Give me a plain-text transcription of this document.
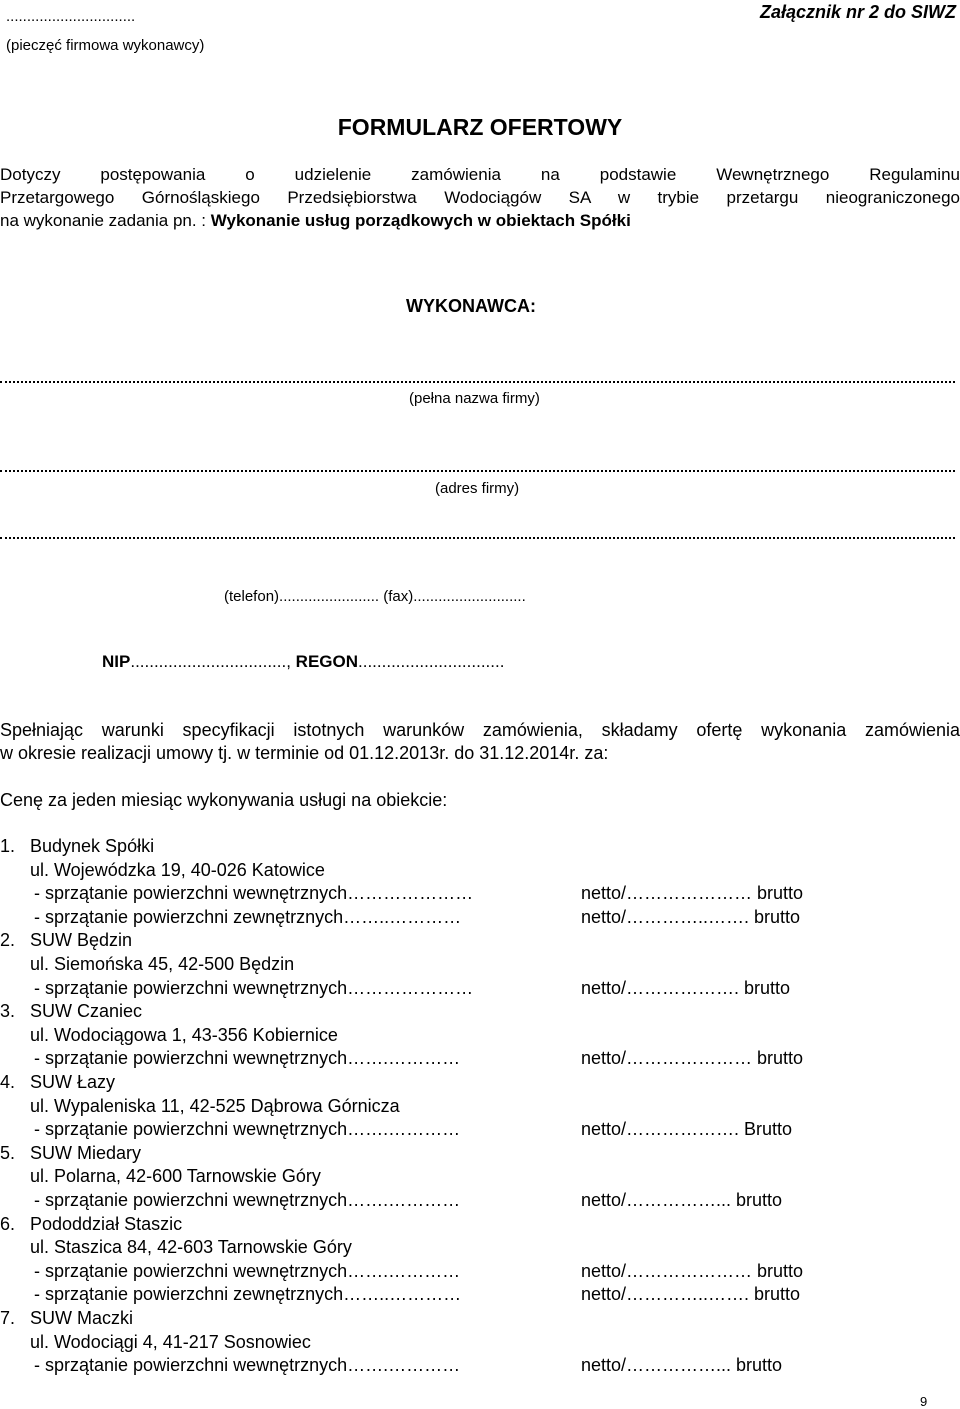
...............................
(pieczęć firmowa wykonawcy)
Załącznik nr 2 do SIWZ
FORMULARZ OFERTOWY
Dotyczy postępowania o udzielenie zamówienia na podstawie Wewnętrznego Regulaminu
Przetargowego Górnośląskiego Przedsiębiorstwa Wodociągów SA w trybie przetargu nieograniczonego
na wykonanie zadania pn. : Wykonanie usług porządkowych w obiektach Spółki
WYKONAWCA:
(pełna nazwa firmy)
(adres firmy)
(telefon)........................ (fax)...........................
NIP................................., REGON...............................
Spełniając warunki specyfikacji istotnych warunków zamówienia, składamy ofertę wykonania zamówienia
w okresie realizacji umowy tj. w terminie od 01.12.2013r. do 31.12.2014r. za:
Cenę za jeden miesiąc wykonywania usługi na obiekcie:
1. Budynek Spółki
ul. Wojewódzka 19, 40-026 Katowice
- sprzątanie powierzchni wewnętrznych…………………	netto/………………… brutto
- sprzątanie powierzchni zewnętrznych……..…………	netto/…………..……. brutto
2. SUW Będzin
ul. Siemońska 45, 42-500 Będzin
- sprzątanie powierzchni wewnętrznych…………………	netto/………………. brutto
3. SUW Czaniec
ul. Wodociągowa 1, 43-356 Kobiernice
- sprzątanie powierzchni wewnętrznych…….…………	netto/………………… brutto
4. SUW Łazy
ul. Wypaleniska 11, 42-525 Dąbrowa Górnicza
- sprzątanie powierzchni wewnętrznych…….…………	netto/………………. Brutto
5. SUW Miedary
ul. Polarna, 42-600 Tarnowskie Góry
- sprzątanie powierzchni wewnętrznych…….…………	netto/……………... brutto
6. Pododdział Staszic
ul. Staszica 84, 42-603 Tarnowskie Góry
- sprzątanie powierzchni wewnętrznych…….…………	netto/………………… brutto
- sprzątanie powierzchni zewnętrznych……..…………	netto/…………..……. brutto
7. SUW Maczki
ul. Wodociągi 4, 41-217 Sosnowiec
- sprzątanie powierzchni wewnętrznych…….…………	netto/……………... brutto
9
